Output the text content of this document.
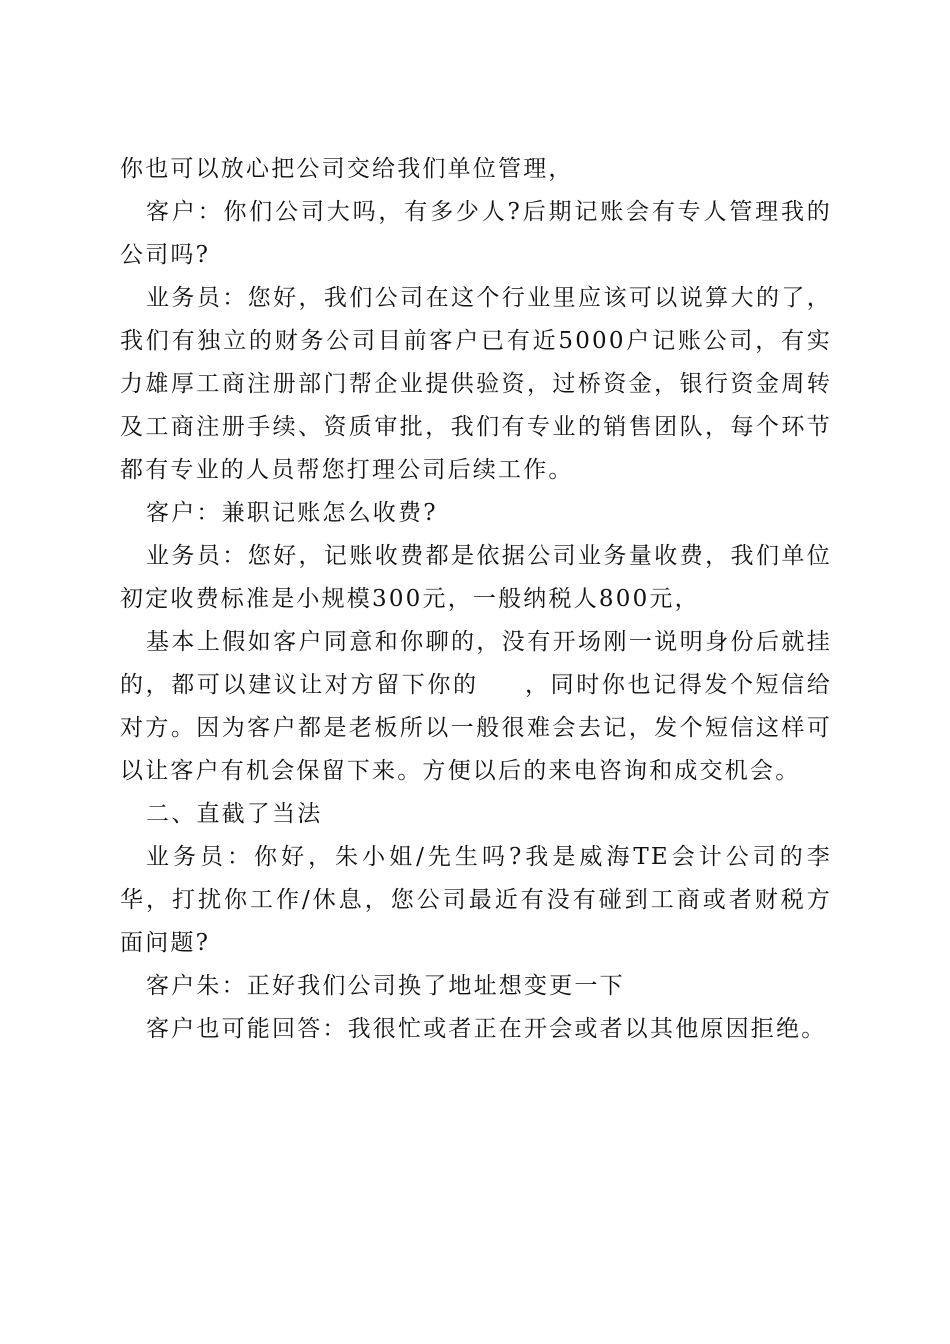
你也可以放心把公司交给我们单位管理，

客户：你们公司大吗，有多少人?后期记账会有专人管理我的公司吗?

业务员：您好，我们公司在这个行业里应该可以说算大的了，我们有独立的财务公司目前客户已有近5000户记账公司，有实力雄厚工商注册部门帮企业提供验资，过桥资金，银行资金周转及工商注册手续、资质审批，我们有专业的销售团队，每个环节都有专业的人员帮您打理公司后续工作。

客户：兼职记账怎么收费?

业务员：您好，记账收费都是依据公司业务量收费，我们单位初定收费标准是小规模300元，一般纳税人800元，

基本上假如客户同意和你聊的，没有开场刚一说明身份后就挂的，都可以建议让对方留下你的 ，同时你也记得发个短信给对方。因为客户都是老板所以一般很难会去记，发个短信这样可以让客户有机会保留下来。方便以后的来电咨询和成交机会。

二、直截了当法

业务员：你好，朱小姐/先生吗?我是威海TE会计公司的李华，打扰你工作/休息，您公司最近有没有碰到工商或者财税方面问题?

客户朱：正好我们公司换了地址想变更一下

客户也可能回答：我很忙或者正在开会或者以其他原因拒绝。
